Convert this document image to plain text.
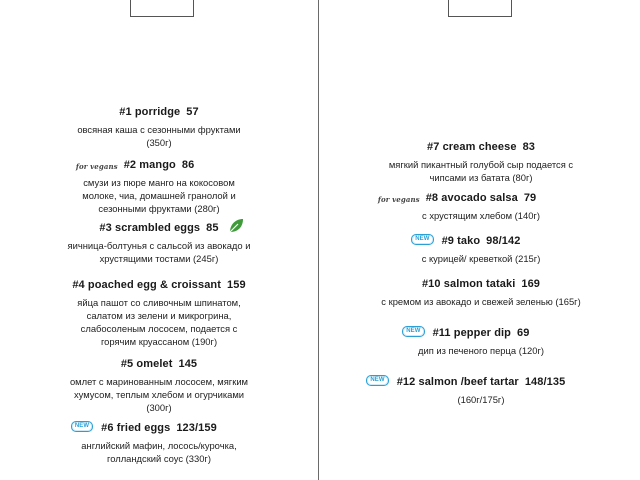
#1 porridge 57
овсяная каша с сезонными фруктами
(350г)
for vegans #2 mango 86
смузи из пюре манго на кокосовом
молоке, чиа, домашней гранолой и
сезонными фруктами (280г)
#3 scrambled eggs 85
яичница-болтунья с сальсой из авокадо и
хрустящими тостами (245г)
#4 poached egg & croissant 159
яйца пашот со сливочным шпинатом,
салатом из зелени и микрогрина,
слабосоленым лососем, подается с
горячим круассаном (190г)
#5 omelet 145
омлет с маринованным лососем, мягким
хумусом, теплым хлебом и огурчиками
(300г)
NEW	#6 fried eggs 123/159
английский мафин, лосось/курочка,
голландский соус (330г)
#7 cream cheese 83
мягкий пикантный голубой сыр подается с
чипсами из батата (80г)
for vegans #8 avocado salsa 79
с хрустящим хлебом (140г)
NEW	#9 tako 98/142
с курицей/ креветкой (215г)
#10 salmon tataki 169
с кремом из авокадо и свежей зеленью (165г)
NEW	#11 pepper dip 69
дип из печеного перца (120г)
NEW	#12 salmon /beef tartar 148/135
(160г/175г)
